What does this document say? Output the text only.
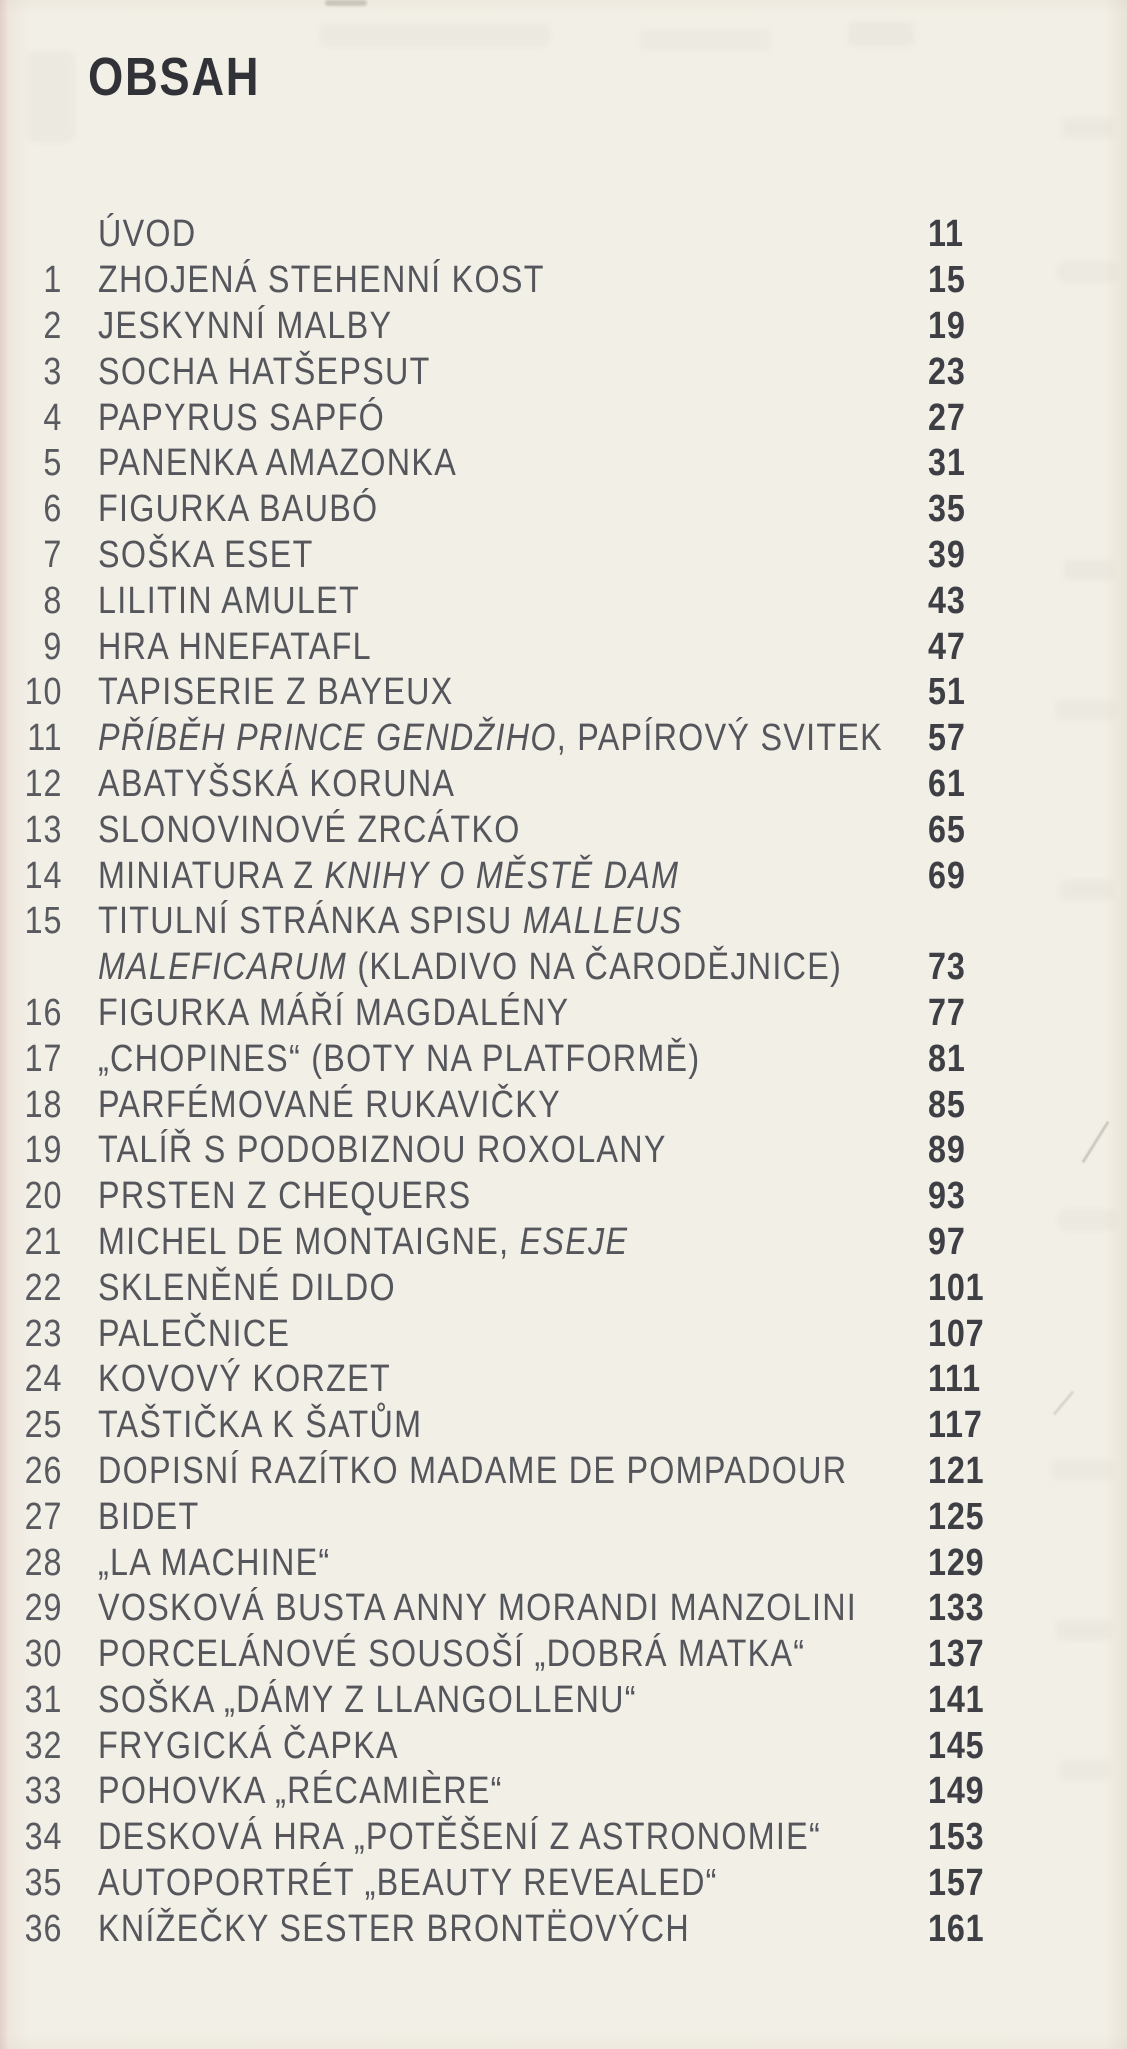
OBSAH
ÚVOD	11
1 ZHOJENÁ STEHENNÍ KOST	15
2 JESKYNNÍ MALBY	19
3 SOCHA HATŠEPSUT	23
4 PAPYRUS SAPFÓ	27
5 PANENKA AMAZONKA	31
6 FIGURKA BAUBÓ	35
7 SOŠKA ESET	39
8 LILITIN AMULET	43
9 HRA HNEFATAFL	47
10 TAPISERIE Z BAYEUX	51
11 PŘÍBĚH PRINCE GENDŽIHO, PAPÍROVÝ SVITEK	57
12 ABATYŠSKÁ KORUNA	61
13 SLONOVINOVÉ ZRCÁTKO	65
14 MINIATURA Z KNIHY O MĚSTĚ DAM	69
15 TITULNÍ STRÁNKA SPISU MALLEUS
MALEFICARUM (KLADIVO NA ČARODĚJNICE)	73
16 FIGURKA MÁŘÍ MAGDALÉNY	77
17 „CHOPINES“ (BOTY NA PLATFORMĚ)	81
18 PARFÉMOVANÉ RUKAVIČKY	85
19 TALÍŘ S PODOBIZNOU ROXOLANY	89
20 PRSTEN Z CHEQUERS	93
21 MICHEL DE MONTAIGNE, ESEJE	97
22 SKLENĚNÉ DILDO	101
23 PALEČNICE	107
24 KOVOVÝ KORZET	111
25 TAŠTIČKA K ŠATŮM	117
26 DOPISNÍ RAZÍTKO MADAME DE POMPADOUR	121
27 BIDET	125
28 „LA MACHINE“	129
29 VOSKOVÁ BUSTA ANNY MORANDI MANZOLINI	133
30 PORCELÁNOVÉ SOUSOŠÍ „DOBRÁ MATKA“	137
31 SOŠKA „DÁMY Z LLANGOLLENU“	141
32 FRYGICKÁ ČAPKA	145
33 POHOVKA „RÉCAMIÈRE“	149
34 DESKOVÁ HRA „POTĚŠENÍ Z ASTRONOMIE“	153
35 AUTOPORTRÉT „BEAUTY REVEALED“	157
36 KNÍŽEČKY SESTER BRONTËOVÝCH	161
